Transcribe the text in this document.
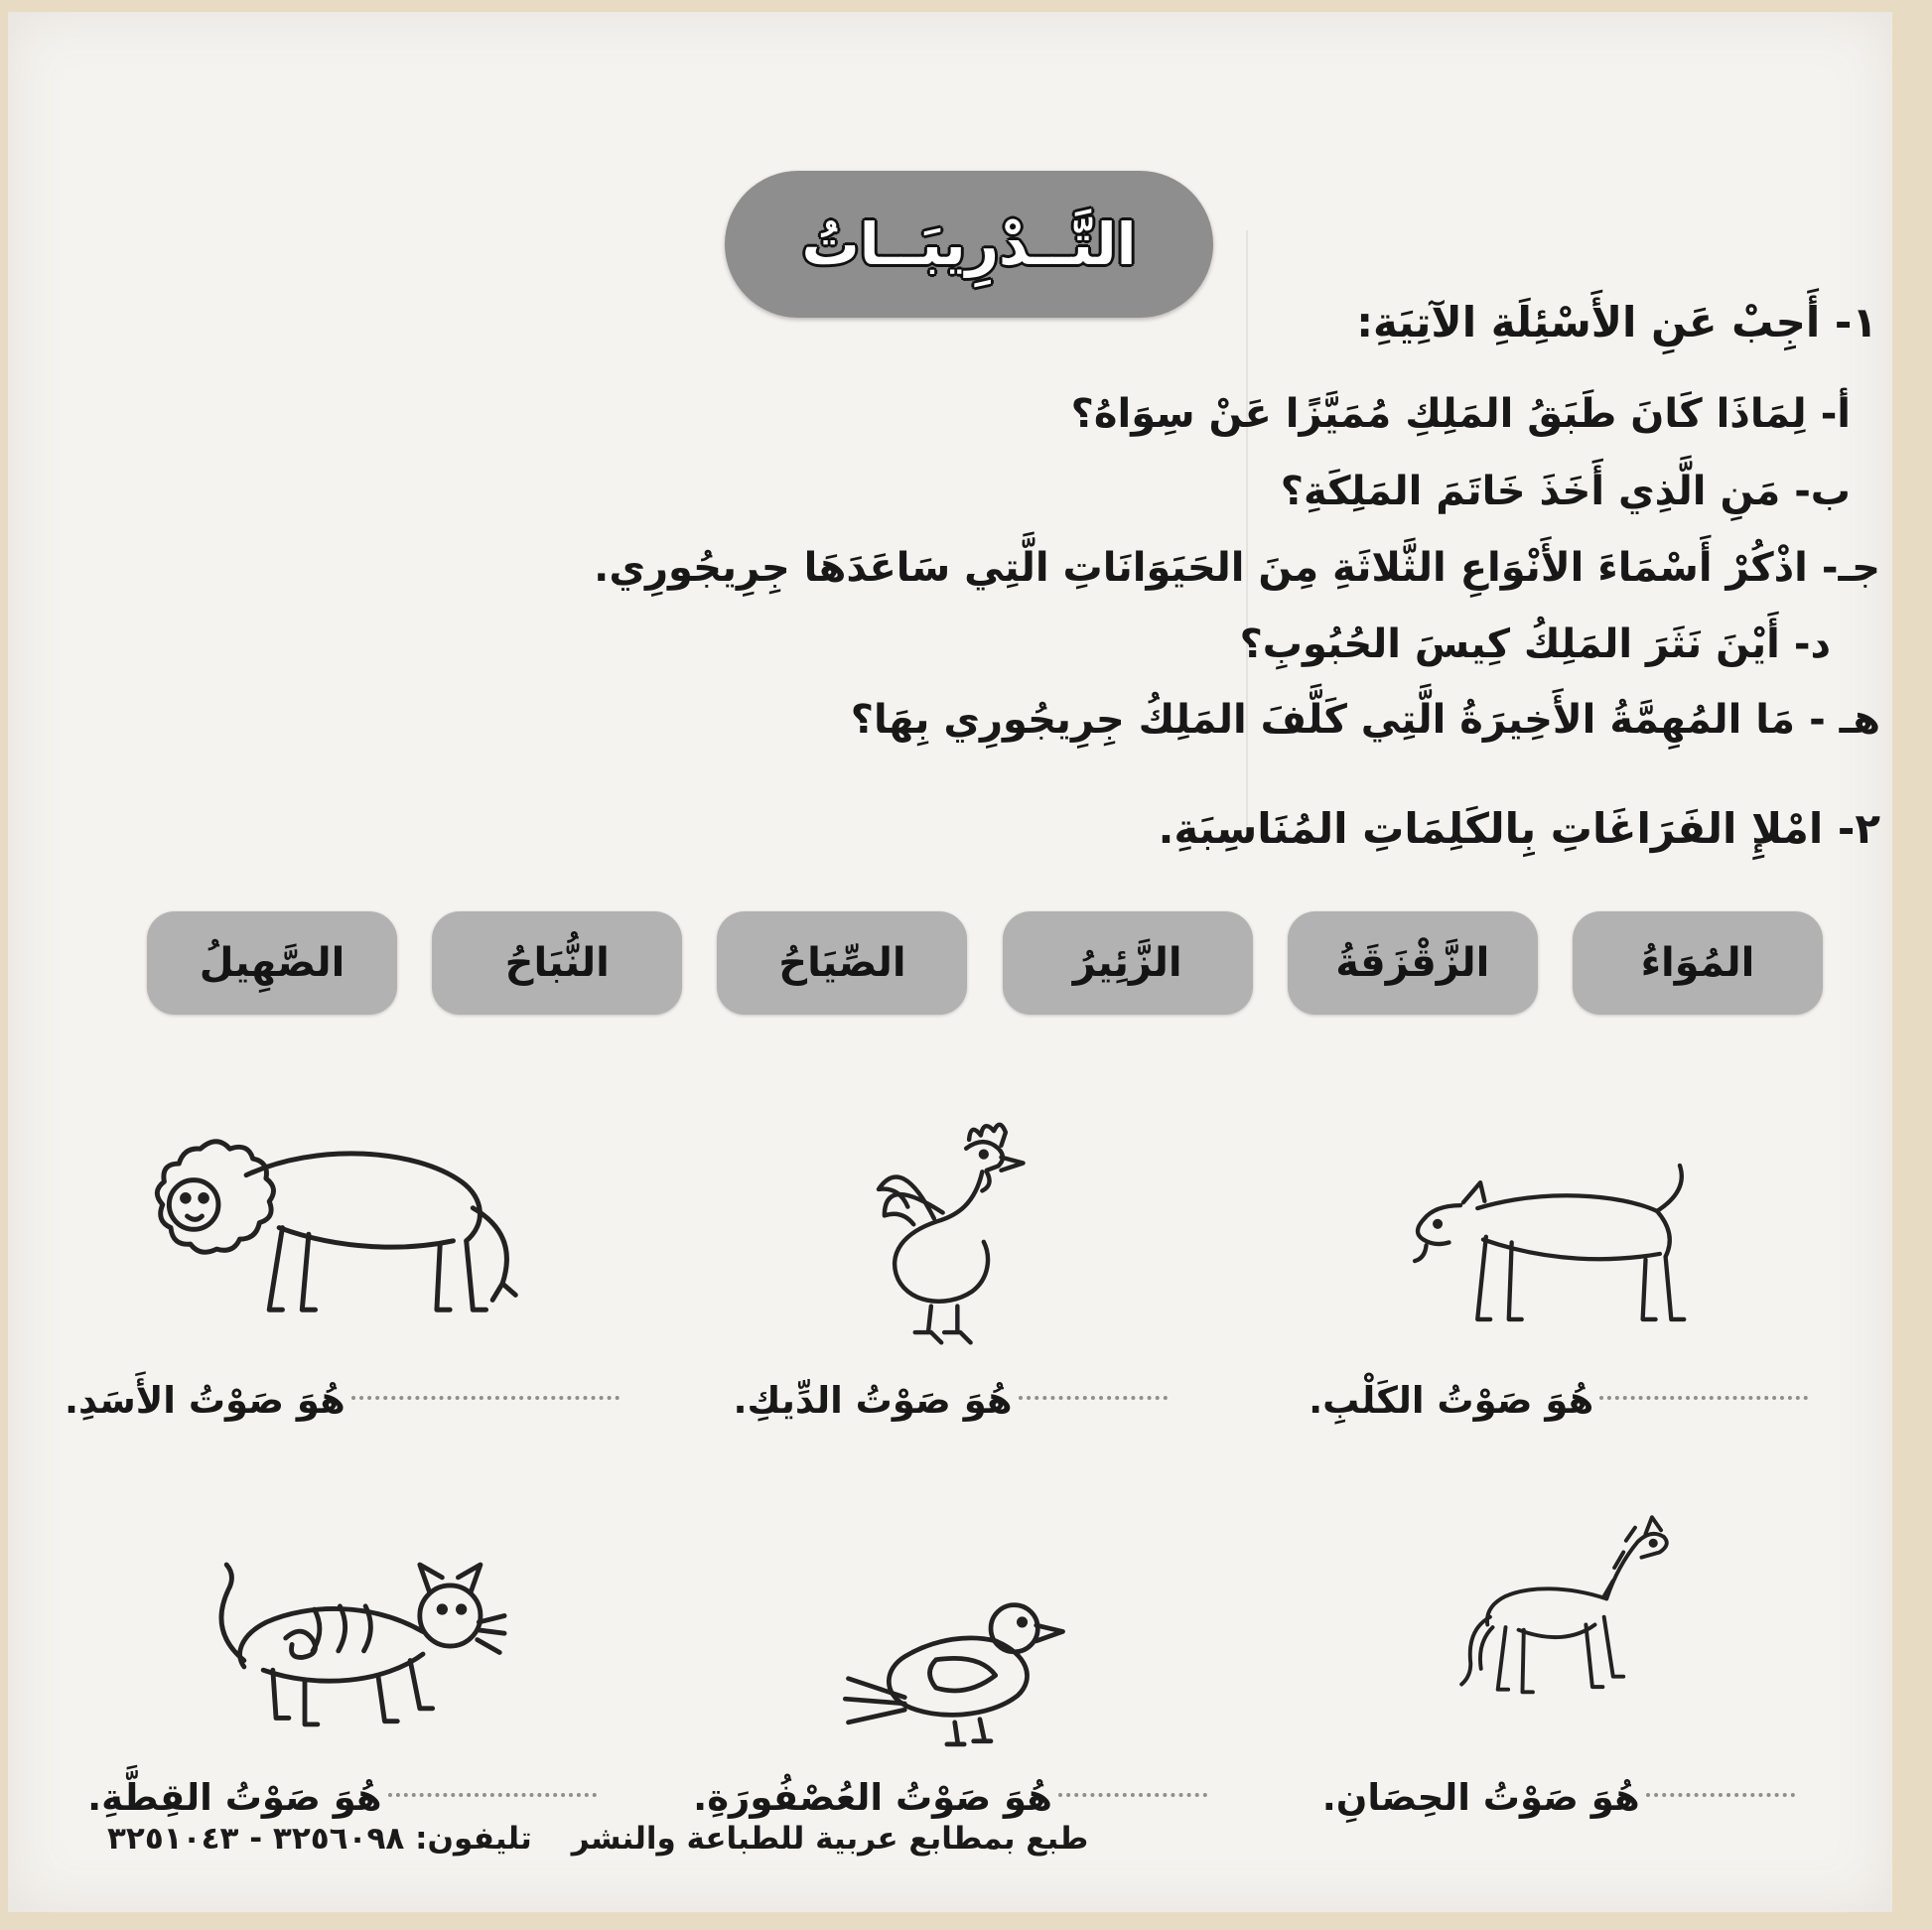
التَّــدْرِيبَــاتُ
١- أَجِبْ عَنِ الأَسْئِلَةِ الآتِيَةِ:
أ-
لِمَاذَا كَانَ طَبَقُ المَلِكِ مُمَيَّزًا عَنْ سِوَاهُ؟
ب-
مَنِ الَّذِي أَخَذَ خَاتَمَ المَلِكَةِ؟
جـ-
اذْكُرْ أَسْمَاءَ الأَنْوَاعِ الثَّلاثَةِ مِنَ الحَيَوَانَاتِ الَّتِي سَاعَدَهَا جِرِيجُورِي.
د-
أَيْنَ نَثَرَ المَلِكُ كِيسَ الحُبُوبِ؟
هـ -
مَا المُهِمَّةُ الأَخِيرَةُ الَّتِي كَلَّفَ المَلِكُ جِرِيجُورِي بِهَا؟
٢- امْلإِ الفَرَاغَاتِ بِالكَلِمَاتِ المُنَاسِبَةِ.
المُوَاءُ
الزَّقْزَقَةُ
الزَّئِيرُ
الصِّيَاحُ
النُّبَاحُ
الصَّهِيلُ
هُوَ صَوْتُ الكَلْبِ.
هُوَ صَوْتُ الدِّيكِ.
هُوَ صَوْتُ الأَسَدِ.
هُوَ صَوْتُ الحِصَانِ.
هُوَ صَوْتُ العُصْفُورَةِ.
هُوَ صَوْتُ القِطَّةِ.
طبع بمطابع عربية للطباعة والنشر
تليفون: ٣٢٥٦٠٩٨ - ٣٢٥١٠٤٣
